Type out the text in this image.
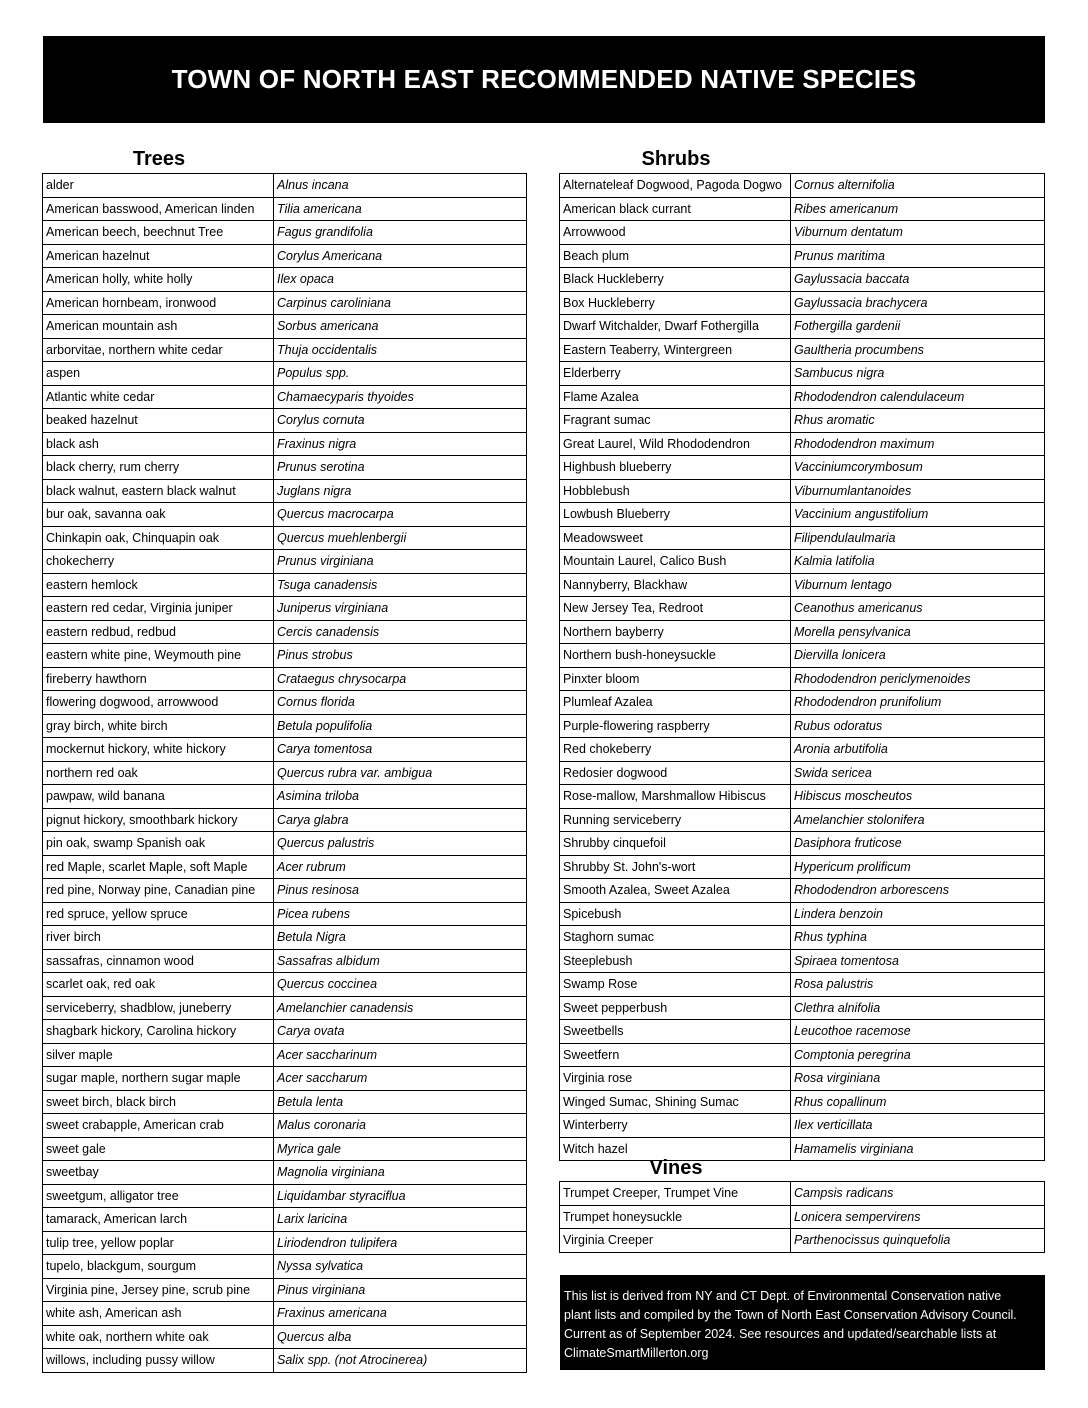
TOWN OF NORTH EAST RECOMMENDED NATIVE SPECIES
Trees
alder	Alnus incana
American basswood, American linden	Tilia americana
American beech, beechnut Tree	Fagus grandifolia
American hazelnut	Corylus Americana
American holly, white holly	Ilex opaca
American hornbeam, ironwood	Carpinus caroliniana
American mountain ash	Sorbus americana
arborvitae, northern white cedar	Thuja occidentalis
aspen	Populus spp.
Atlantic white cedar	Chamaecyparis thyoides
beaked hazelnut	Corylus cornuta
black ash	Fraxinus nigra
black cherry, rum cherry	Prunus serotina
black walnut, eastern black walnut	Juglans nigra
bur oak, savanna oak	Quercus macrocarpa
Chinkapin oak, Chinquapin oak	Quercus muehlenbergii
chokecherry	Prunus virginiana
eastern hemlock	Tsuga canadensis
eastern red cedar, Virginia juniper	Juniperus virginiana
eastern redbud, redbud	Cercis canadensis
eastern white pine, Weymouth pine	Pinus strobus
fireberry hawthorn	Crataegus chrysocarpa
flowering dogwood, arrowwood	Cornus florida
gray birch, white birch	Betula populifolia
mockernut hickory, white hickory	Carya tomentosa
northern red oak	Quercus rubra var. ambigua
pawpaw, wild banana	Asimina triloba
pignut hickory, smoothbark hickory	Carya glabra
pin oak, swamp Spanish oak	Quercus palustris
red Maple, scarlet Maple, soft Maple	Acer rubrum
red pine, Norway pine, Canadian pine	Pinus resinosa
red spruce, yellow spruce	Picea rubens
river birch	Betula Nigra
sassafras, cinnamon wood	Sassafras albidum
scarlet oak, red oak	Quercus coccinea
serviceberry, shadblow, juneberry	Amelanchier canadensis
shagbark hickory, Carolina hickory	Carya ovata
silver maple	Acer saccharinum
sugar maple, northern sugar maple	Acer saccharum
sweet birch, black birch	Betula lenta
sweet crabapple, American crab	Malus coronaria
sweet gale	Myrica gale
sweetbay	Magnolia virginiana
sweetgum, alligator tree	Liquidambar styraciflua
tamarack, American larch	Larix laricina
tulip tree, yellow poplar	Liriodendron tulipifera
tupelo, blackgum, sourgum	Nyssa sylvatica
Virginia pine, Jersey pine, scrub pine	Pinus virginiana
white ash, American ash	Fraxinus americana
white oak, northern white oak	Quercus alba
willows, including pussy willow	Salix spp. (not Atrocinerea)
Shrubs
Alternateleaf Dogwood, Pagoda Dogwo	Cornus alternifolia
American black currant	Ribes americanum
Arrowwood	Viburnum dentatum
Beach plum	Prunus maritima
Black Huckleberry	Gaylussacia baccata
Box Huckleberry	Gaylussacia brachycera
Dwarf Witchalder, Dwarf Fothergilla	Fothergilla gardenii
Eastern Teaberry, Wintergreen	Gaultheria procumbens
Elderberry	Sambucus nigra
Flame Azalea	Rhododendron calendulaceum
Fragrant sumac	Rhus aromatic
Great Laurel, Wild Rhododendron	Rhododendron maximum
Highbush blueberry	Vacciniumcorymbosum
Hobblebush	Viburnumlantanoides
Lowbush Blueberry	Vaccinium angustifolium
Meadowsweet	Filipendulaulmaria
Mountain Laurel, Calico Bush	Kalmia latifolia
Nannyberry, Blackhaw	Viburnum lentago
New Jersey Tea, Redroot	Ceanothus americanus
Northern bayberry	Morella pensylvanica
Northern bush-honeysuckle	Diervilla lonicera
Pinxter bloom	Rhododendron periclymenoides
Plumleaf Azalea	Rhododendron prunifolium
Purple-flowering raspberry	Rubus odoratus
Red chokeberry	Aronia arbutifolia
Redosier dogwood	Swida sericea
Rose-mallow, Marshmallow Hibiscus	Hibiscus moscheutos
Running serviceberry	Amelanchier stolonifera
Shrubby cinquefoil	Dasiphora fruticose
Shrubby St. John's-wort	Hypericum prolificum
Smooth Azalea, Sweet Azalea	Rhododendron arborescens
Spicebush	Lindera benzoin
Staghorn sumac	Rhus typhina
Steeplebush	Spiraea tomentosa
Swamp Rose	Rosa palustris
Sweet pepperbush	Clethra alnifolia
Sweetbells	Leucothoe racemose
Sweetfern	Comptonia peregrina
Virginia rose	Rosa virginiana
Winged Sumac, Shining Sumac	Rhus copallinum
Winterberry	Ilex verticillata
Witch hazel	Hamamelis virginiana
Vines
Trumpet Creeper, Trumpet Vine	Campsis radicans
Trumpet honeysuckle	Lonicera sempervirens
Virginia Creeper	Parthenocissus quinquefolia
This list is derived from NY and CT Dept. of Environmental Conservation native
plant lists and compiled by the Town of North East Conservation Advisory Council.
Current as of September 2024. See resources and updated/searchable lists at
ClimateSmartMillerton.org
